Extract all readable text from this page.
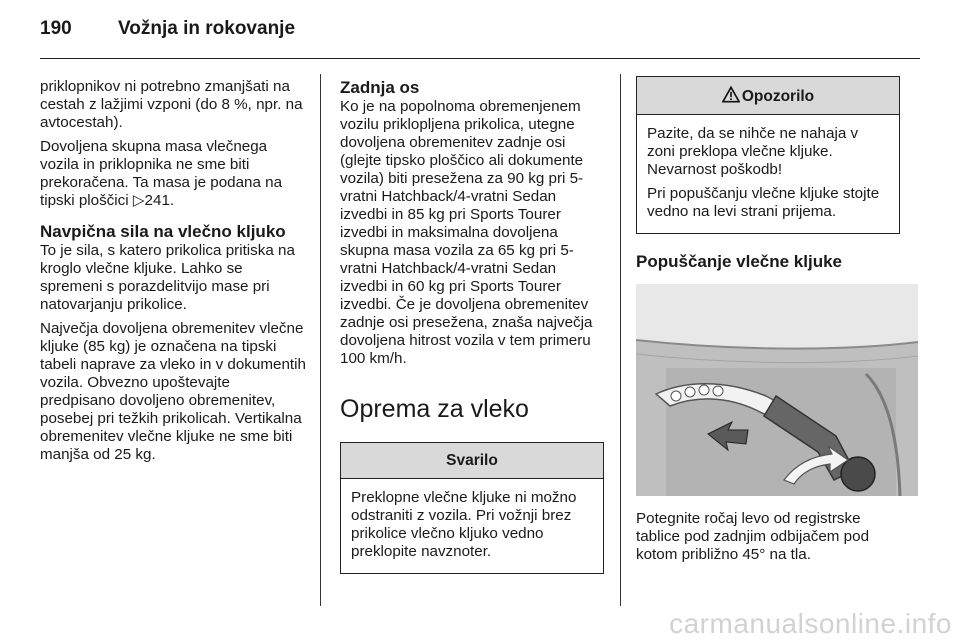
190 Vožnja in rokovanje

priklopnikov ni potrebno zmanjšati na cestah z lažjimi vzponi (do 8 %, npr. na avtocestah).

Dovoljena skupna masa vlečnega vozila in priklopnika ne sme biti prekoračena. Ta masa je podana na tipski ploščici ▷241.

Navpična sila na vlečno kljuko

To je sila, s katero prikolica pritiska na kroglo vlečne kljuke. Lahko se spremeni s porazdelitvijo mase pri natovarjanju prikolice.

Največja dovoljena obremenitev vlečne kljuke (85 kg) je označena na tipski tabeli naprave za vleko in v dokumentih vozila. Obvezno upoštevajte predpisano dovoljeno obremenitev, posebej pri težkih prikolicah. Vertikalna obremenitev vlečne kljuke ne sme biti manjša od 25 kg.

Zadnja os

Ko je na popolnoma obremenjenem vozilu priklopljena prikolica, utegne dovoljena obremenitev zadnje osi (glejte tipsko ploščico ali dokumente vozila) biti presežena za 90 kg pri 5-vratni Hatchback/4-vratni Sedan izvedbi in 85 kg pri Sports Tourer izvedbi in maksimalna dovoljena skupna masa vozila za 65 kg pri 5-vratni Hatchback/4-vratni Sedan izvedbi in 60 kg pri Sports Tourer izvedbi. Če je dovoljena obremenitev zadnje osi presežena, znaša največja dovoljena hitrost vozila v tem primeru 100 km/h.

Oprema za vleko
Svarilo

Preklopne vlečne kljuke ni možno odstraniti z vozila. Pri vožnji brez prikolice vlečno kljuko vedno preklopite navznoter.

Opozorilo

Pazite, da se nihče ne nahaja v zoni preklopa vlečne kljuke. Nevarnost poškodb!

Pri popuščanju vlečne kljuke stojte vedno na levi strani prijema.

Popuščanje vlečne kljuke

Potegnite ročaj levo od registrske tablice pod zadnjim odbijačem pod kotom približno 45° na tla.

carmanualsonline.info
